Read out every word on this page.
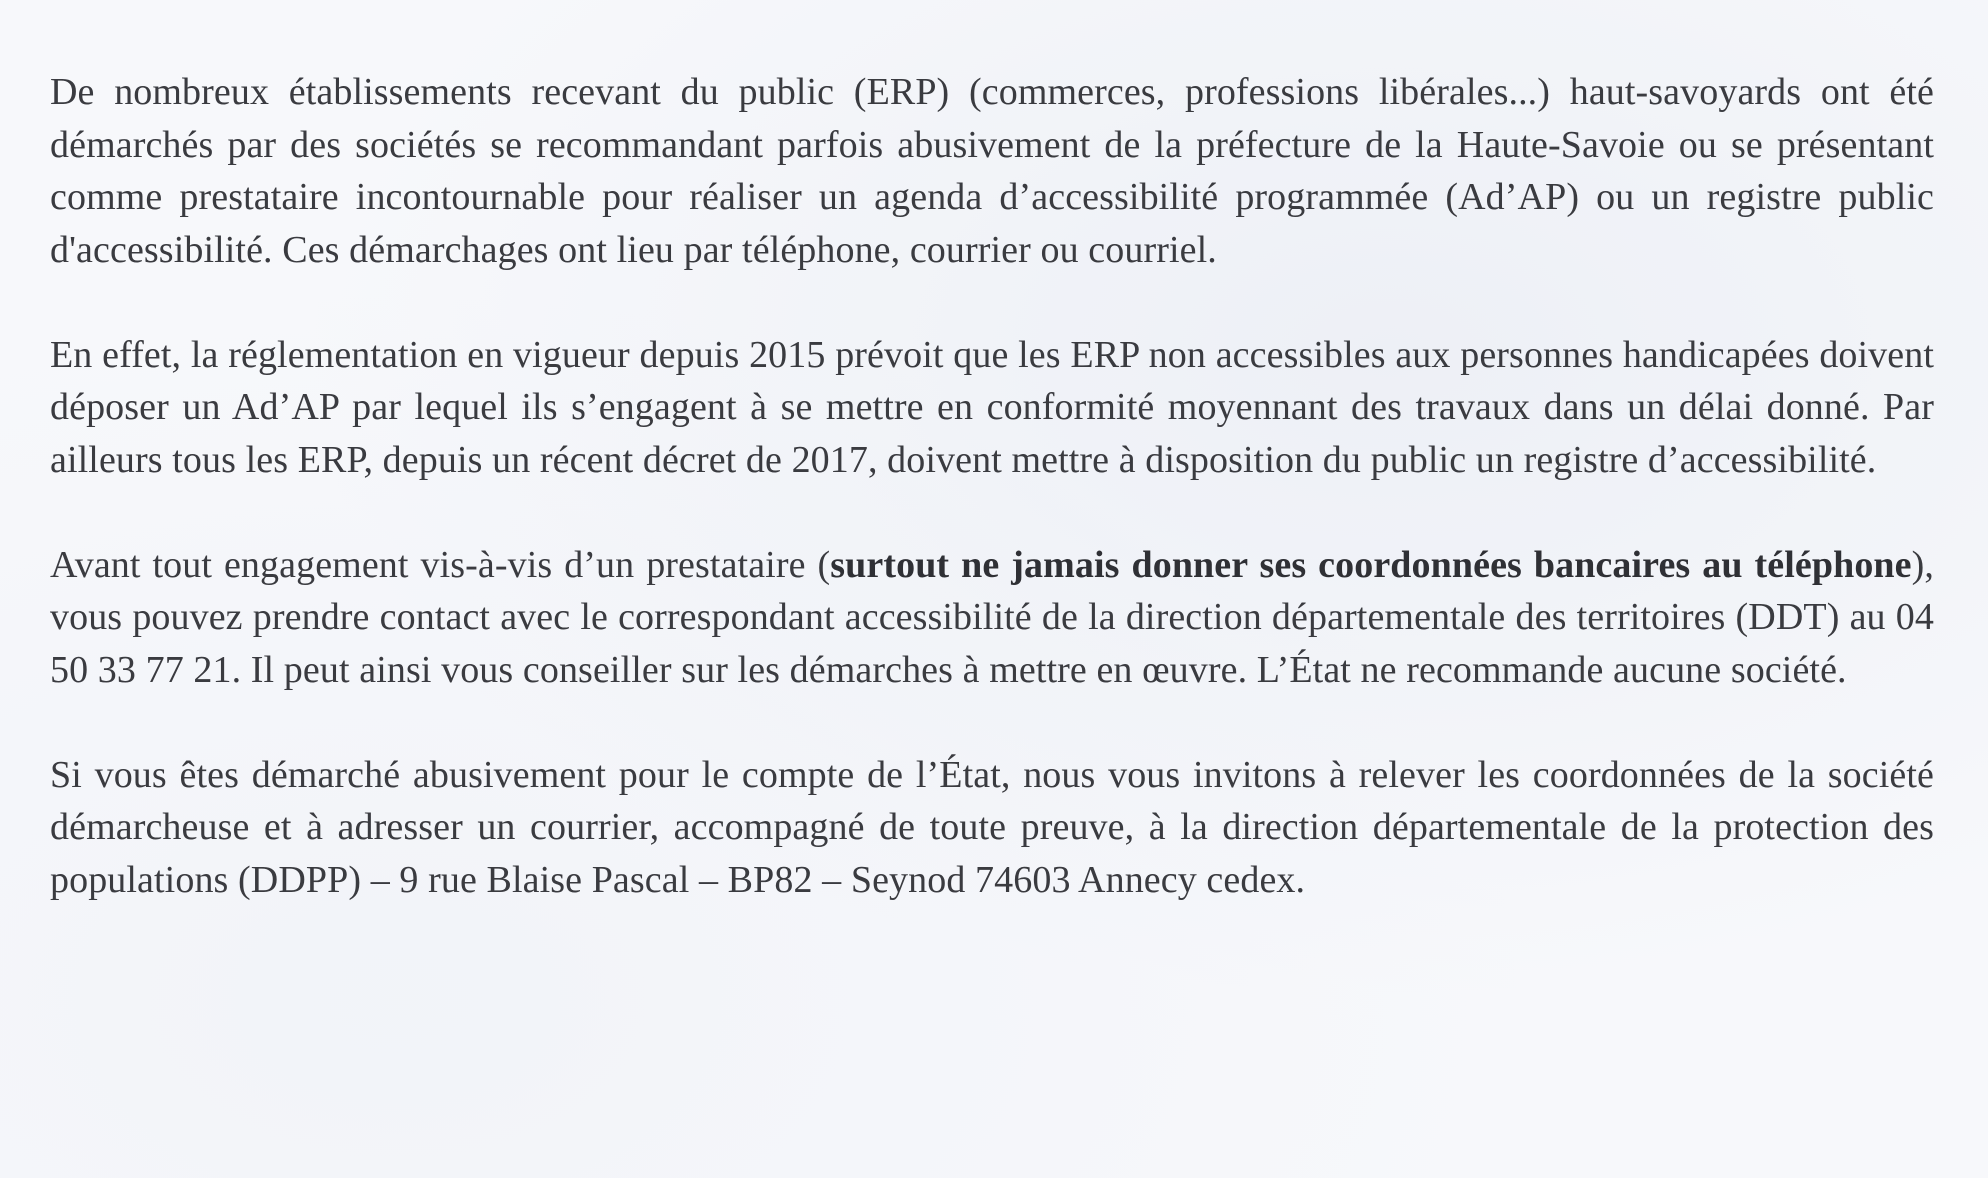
De nombreux établissements recevant du public (ERP) (commerces, professions libérales...) haut-savoyards ont été démarchés par des sociétés se recommandant parfois abusivement de la préfecture de la Haute-Savoie ou se présentant comme prestataire incontournable pour réaliser un agenda d’accessibilité programmée (Ad’AP) ou un registre public d'accessibilité. Ces démarchages ont lieu par téléphone, courrier ou courriel.

En effet, la réglementation en vigueur depuis 2015 prévoit que les ERP non accessibles aux personnes handicapées doivent déposer un Ad’AP par lequel ils s’engagent à se mettre en conformité moyennant des travaux dans un délai donné. Par ailleurs tous les ERP, depuis un récent décret de 2017, doivent mettre à disposition du public un registre d’accessibilité.

Avant tout engagement vis-à-vis d’un prestataire (surtout ne jamais donner ses coordonnées bancaires au téléphone), vous pouvez prendre contact avec le correspondant accessibilité de la direction départementale des territoires (DDT) au 04 50 33 77 21. Il peut ainsi vous conseiller sur les démarches à mettre en œuvre. L’État ne recommande aucune société.

Si vous êtes démarché abusivement pour le compte de l’État, nous vous invitons à relever les coordonnées de la société démarcheuse et à adresser un courrier, accompagné de toute preuve, à la direction départementale de la protection des populations (DDPP) – 9 rue Blaise Pascal – BP82 – Seynod 74603 Annecy cedex.
